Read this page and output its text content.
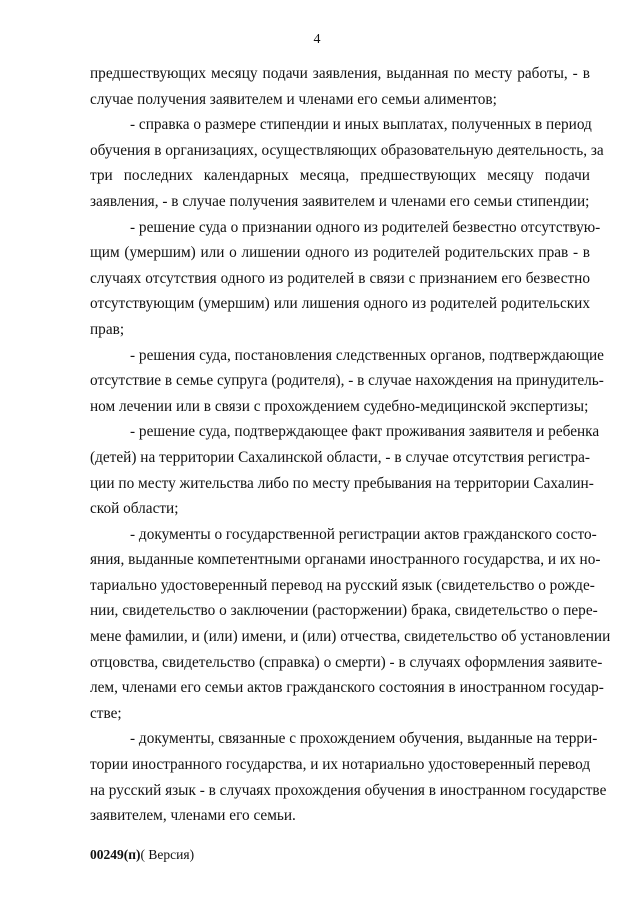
4
предшествующих месяцу подачи заявления, выданная по месту работы, - в
случае получения заявителем и членами его семьи алиментов;
- справка о размере стипендии и иных выплатах, полученных в период
обучения в организациях, осуществляющих образовательную деятельность, за
три последних календарных месяца, предшествующих месяцу подачи
заявления, - в случае получения заявителем и членами его семьи стипендии;
- решение суда о признании одного из родителей безвестно отсутствую-
щим (умершим) или о лишении одного из родителей родительских прав - в
случаях отсутствия одного из родителей в связи с признанием его безвестно
отсутствующим (умершим) или лишения одного из родителей родительских
прав;
- решения суда, постановления следственных органов, подтверждающие
отсутствие в семье супруга (родителя), - в случае нахождения на принудитель-
ном лечении или в связи с прохождением судебно-медицинской экспертизы;
- решение суда, подтверждающее факт проживания заявителя и ребенка
(детей) на территории Сахалинской области, - в случае отсутствия регистра-
ции по месту жительства либо по месту пребывания на территории Сахалин-
ской области;
- документы о государственной регистрации актов гражданского состо-
яния, выданные компетентными органами иностранного государства, и их но-
тариально удостоверенный перевод на русский язык (свидетельство о рожде-
нии, свидетельство о заключении (расторжении) брака, свидетельство о пере-
мене фамилии, и (или) имени, и (или) отчества, свидетельство об установлении
отцовства, свидетельство (справка) о смерти) - в случаях оформления заявите-
лем, членами его семьи актов гражданского состояния в иностранном государ-
стве;
- документы, связанные с прохождением обучения, выданные на терри-
тории иностранного государства, и их нотариально удостоверенный перевод
на русский язык - в случаях прохождения обучения в иностранном государстве
заявителем, членами его семьи.
00249(п)( Версия)
